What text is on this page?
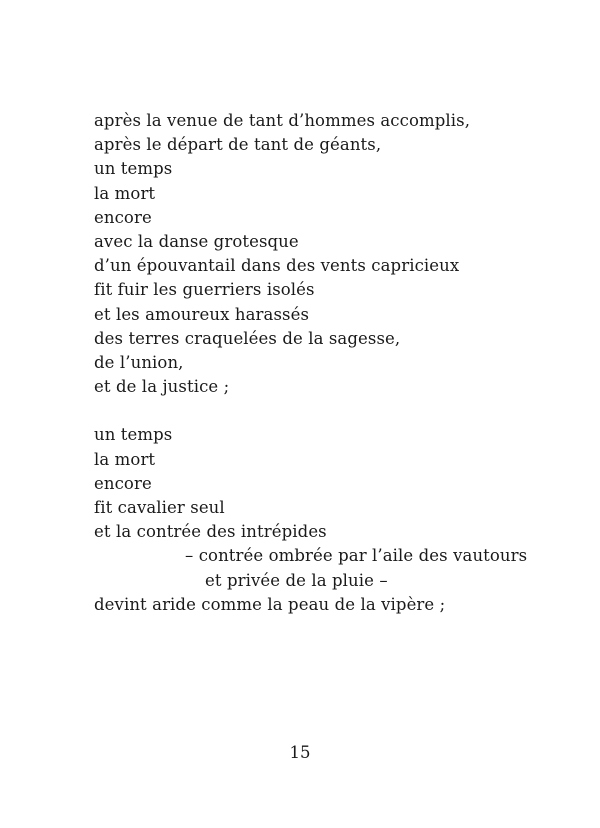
après la venue de tant d’hommes accomplis,
après le départ de tant de géants,
un temps
la mort
encore
avec la danse grotesque
d’un épouvantail dans des vents capricieux
fit fuir les guerriers isolés
et les amoureux harassés
des terres craquelées de la sagesse,
de l’union,
et de la justice ;

un temps
la mort
encore
fit cavalier seul
et la contrée des intrépides
– contrée ombrée par l’aile des vautours
et privée de la pluie –
devint aride comme la peau de la vipère ;

15
